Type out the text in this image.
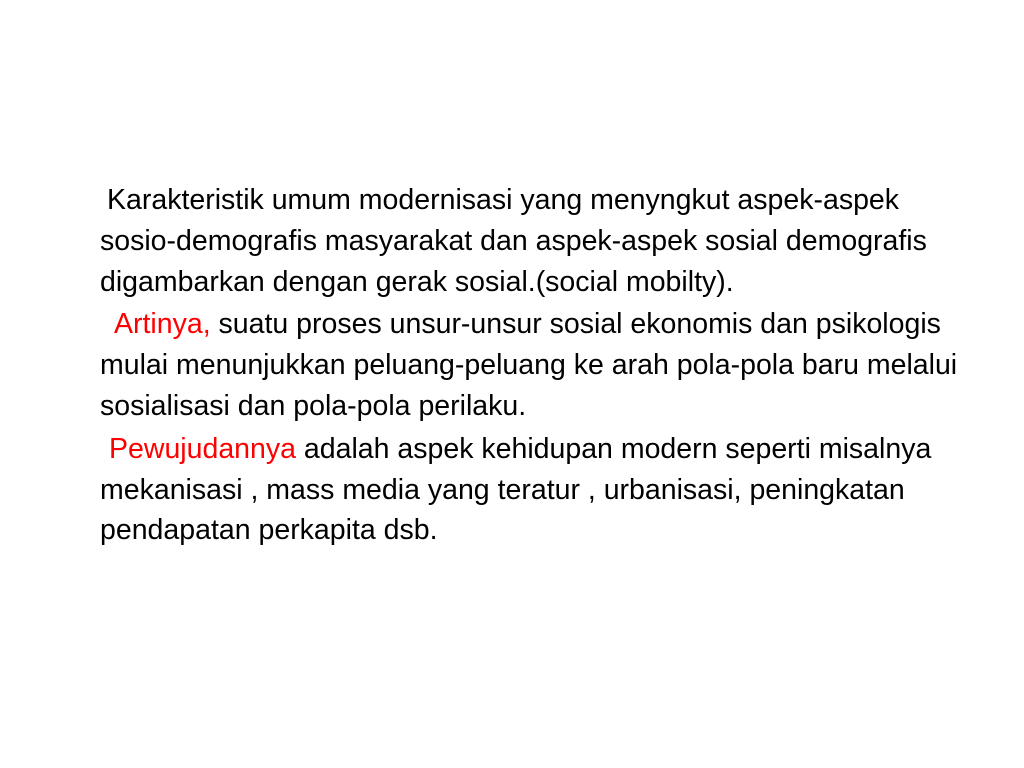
Karakteristik umum modernisasi yang menyngkut aspek-aspek sosio-demografis masyarakat dan aspek-aspek sosial demografis digambarkan dengan gerak sosial.(social mobilty).

Artinya, suatu proses unsur-unsur sosial ekonomis dan psikologis mulai menunjukkan peluang-peluang ke arah pola-pola baru melalui sosialisasi dan pola-pola perilaku.

Pewujudannya adalah aspek kehidupan modern seperti misalnya mekanisasi , mass media yang teratur , urbanisasi, peningkatan pendapatan perkapita dsb.
